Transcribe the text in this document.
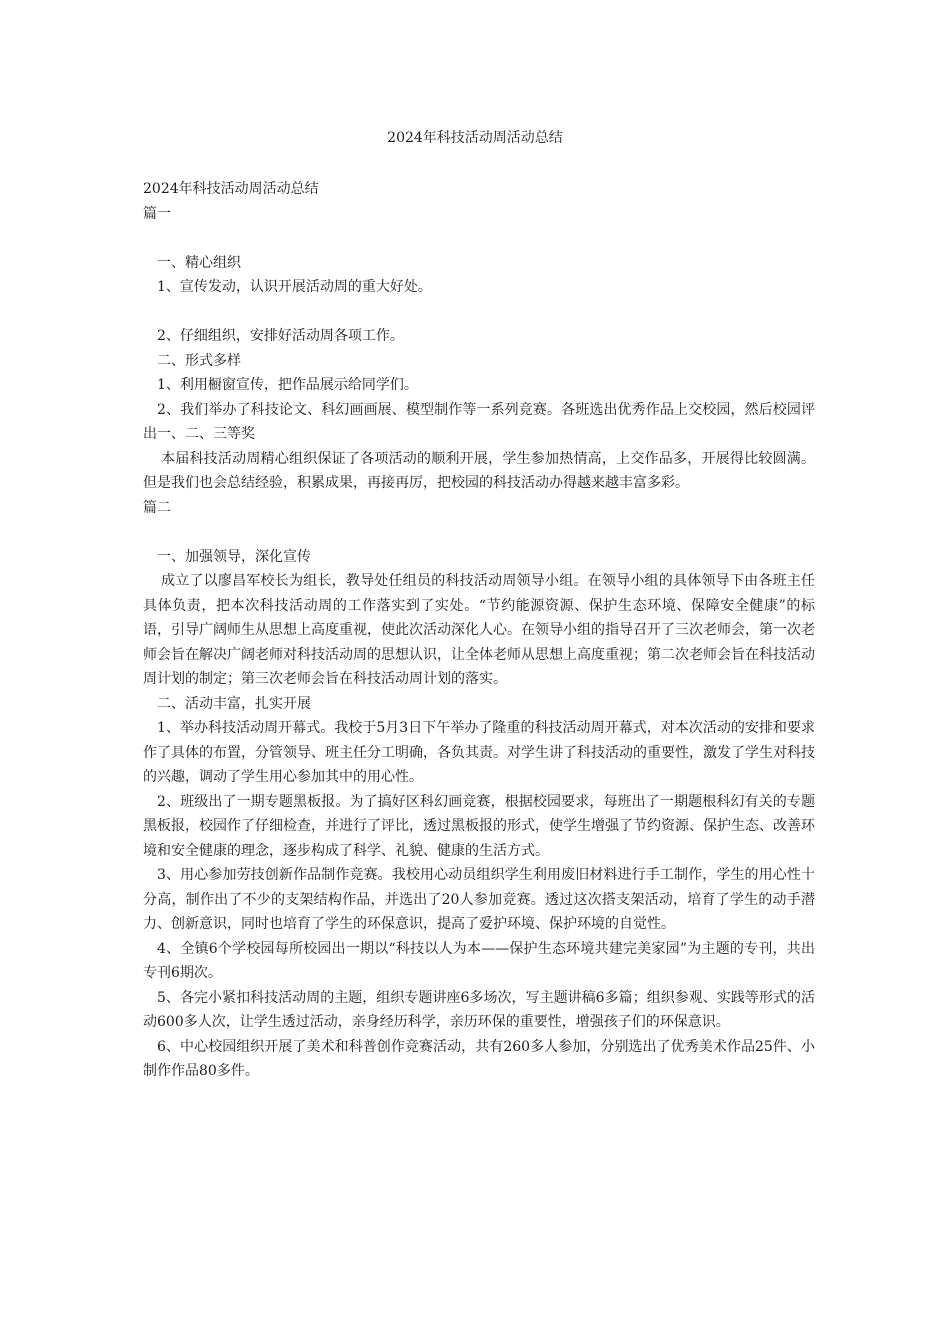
2024年科技活动周活动总结

2024年科技活动周活动总结

篇一

一、精心组织

1、宣传发动，认识开展活动周的重大好处。

2、仔细组织，安排好活动周各项工作。

二、形式多样

1、利用橱窗宣传，把作品展示给同学们。

2、我们举办了科技论文、科幻画画展、模型制作等一系列竞赛。各班选出优秀作品上交校园，然后校园评出一、二、三等奖

本届科技活动周精心组织保证了各项活动的顺利开展，学生参加热情高，上交作品多，开展得比较圆满。但是我们也会总结经验，积累成果，再接再厉，把校园的科技活动办得越来越丰富多彩。

篇二

一、加强领导，深化宣传

成立了以廖昌军校长为组长，教导处任组员的科技活动周领导小组。在领导小组的具体领导下由各班主任具体负责，把本次科技活动周的工作落实到了实处。“节约能源资源、保护生态环境、保障安全健康”的标语，引导广阔师生从思想上高度重视，使此次活动深化人心。在领导小组的指导召开了三次老师会，第一次老师会旨在解决广阔老师对科技活动周的思想认识，让全体老师从思想上高度重视；第二次老师会旨在科技活动周计划的制定；第三次老师会旨在科技活动周计划的落实。

二、活动丰富，扎实开展

1、举办科技活动周开幕式。我校于5月3日下午举办了隆重的科技活动周开幕式，对本次活动的安排和要求作了具体的布置，分管领导、班主任分工明确，各负其责。对学生讲了科技活动的重要性，激发了学生对科技的兴趣，调动了学生用心参加其中的用心性。

2、班级出了一期专题黑板报。为了搞好区科幻画竞赛，根据校园要求，每班出了一期题根科幻有关的专题黑板报，校园作了仔细检查，并进行了评比，透过黑板报的形式，使学生增强了节约资源、保护生态、改善环境和安全健康的理念，逐步构成了科学、礼貌、健康的生活方式。

3、用心参加劳技创新作品制作竞赛。我校用心动员组织学生利用废旧材料进行手工制作，学生的用心性十分高，制作出了不少的支架结构作品，并选出了20人参加竞赛。透过这次搭支架活动，培育了学生的动手潜力、创新意识，同时也培育了学生的环保意识，提高了爱护环境、保护环境的自觉性。

4、全镇6个学校园每所校园出一期以“科技以人为本——保护生态环境共建完美家园”为主题的专刊，共出专刊6期次。

5、各完小紧扣科技活动周的主题，组织专题讲座6多场次，写主题讲稿6多篇；组织参观、实践等形式的活动600多人次，让学生透过活动，亲身经历科学，亲历环保的重要性，增强孩子们的环保意识。

6、中心校园组织开展了美术和科普创作竞赛活动，共有260多人参加，分别选出了优秀美术作品25件、小制作作品80多件。
